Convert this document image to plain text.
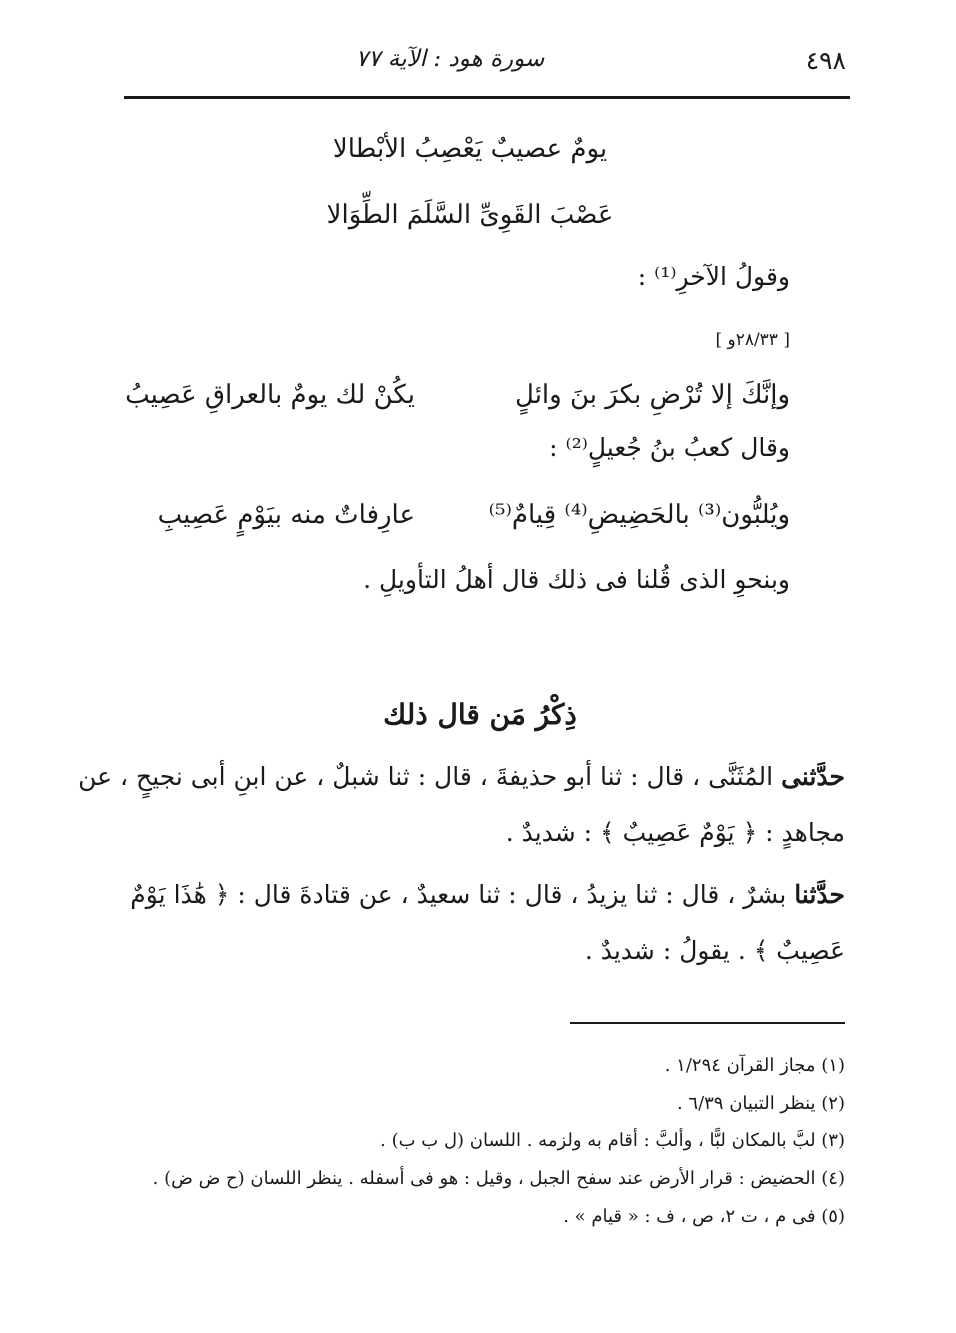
٤٩٨
سورة هود : الآية ٧٧
يومٌ عصيبٌ يَعْصِبُ الأبْطالا
عَصْبَ القَوِىِّ السَّلَمَ الطِّوَالا
وقولُ الآخرِ⁽¹⁾ :
[ ٢٨/٣٣و ]
وإنَّكَ إلا تُرْضِ بكرَ بنَ وائلٍ
يكُنْ لك يومٌ بالعراقِ عَصِيبُ
وقال كعبُ بنُ جُعيلٍ⁽²⁾ :
ويُلبُّون⁽³⁾ بالحَضِيضِ⁽⁴⁾ قِيامٌ⁽⁵⁾
عارِفاتٌ منه بيَوْمٍ عَصِيبِ
وبنحوِ الذى قُلنا فى ذلك قال أهلُ التأويلِ .
ذِكْرُ مَن قال ذلك
حدَّثنى المُثَنَّى ، قال : ثنا أبو حذيفةَ ، قال : ثنا شبلٌ ، عن ابنِ أبى نجيحٍ ، عن
مجاهدٍ : ﴿ يَوْمٌ عَصِيبٌ ﴾ : شديدٌ .
حدَّثنا بشرٌ ، قال : ثنا يزيدُ ، قال : ثنا سعيدٌ ، عن قتادةَ قال : ﴿ هَٰذَا يَوْمٌ
عَصِيبٌ ﴾ . يقولُ : شديدٌ .
(١) مجاز القرآن ١/٢٩٤ .
(٢) ينظر التبيان ٦/٣٩ .
(٣) لبَّ بالمكان لبًّا ، وألبَّ : أقام به ولزمه . اللسان (ل ب ب) .
(٤) الحضيض : قرار الأرض عند سفح الجبل ، وقيل : هو فى أسفله . ينظر اللسان (ح ض ض) .
(٥) فى م ، ت ٢، ص ، ف : « قيام » .
